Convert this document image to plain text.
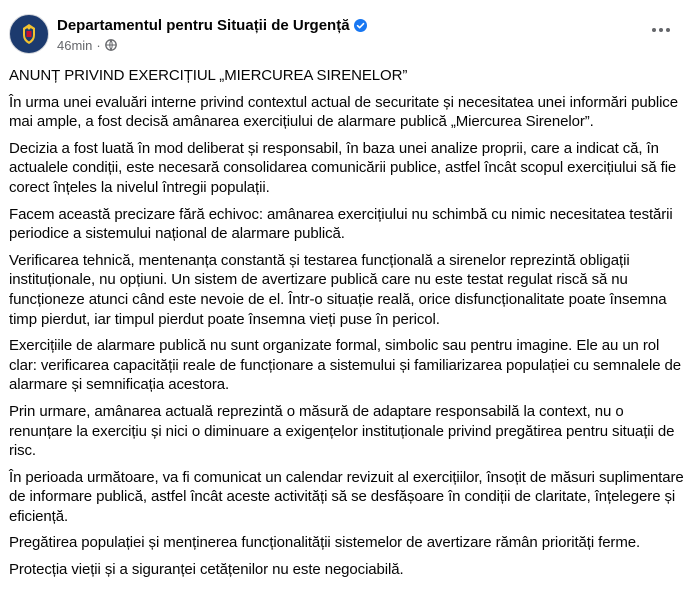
Departamentul pentru Situații de Urgență
46min ·

ANUNȚ PRIVIND EXERCIȚIUL „MIERCUREA SIRENELOR”

În urma unei evaluări interne privind contextul actual de securitate și necesitatea unei informări publice mai ample, a fost decisă amânarea exercițiului de alarmare publică „Miercurea Sirenelor”.

Decizia a fost luată în mod deliberat și responsabil, în baza unei analize proprii, care a indicat că, în actualele condiții, este necesară consolidarea comunicării publice, astfel încât scopul exercițiului să fie corect înțeles la nivelul întregii populații.

Facem această precizare fără echivoc: amânarea exercițiului nu schimbă cu nimic necesitatea testării periodice a sistemului național de alarmare publică.

Verificarea tehnică, mentenanța constantă și testarea funcțională a sirenelor reprezintă obligații instituționale, nu opțiuni. Un sistem de avertizare publică care nu este testat regulat riscă să nu funcționeze atunci când este nevoie de el. Într-o situație reală, orice disfuncționalitate poate însemna timp pierdut, iar timpul pierdut poate însemna vieți puse în pericol.

Exercițiile de alarmare publică nu sunt organizate formal, simbolic sau pentru imagine. Ele au un rol clar: verificarea capacității reale de funcționare a sistemului și familiarizarea populației cu semnalele de alarmare și semnificația acestora.

Prin urmare, amânarea actuală reprezintă o măsură de adaptare responsabilă la context, nu o renunțare la exercițiu și nici o diminuare a exigențelor instituționale privind pregătirea pentru situații de risc.

În perioada următoare, va fi comunicat un calendar revizuit al exercițiilor, însoțit de măsuri suplimentare de informare publică, astfel încât aceste activități să se desfășoare în condiții de claritate, înțelegere și eficiență.

Pregătirea populației și menținerea funcționalității sistemelor de avertizare rămân priorități ferme.

Protecția vieții și a siguranței cetățenilor nu este negociabilă.
